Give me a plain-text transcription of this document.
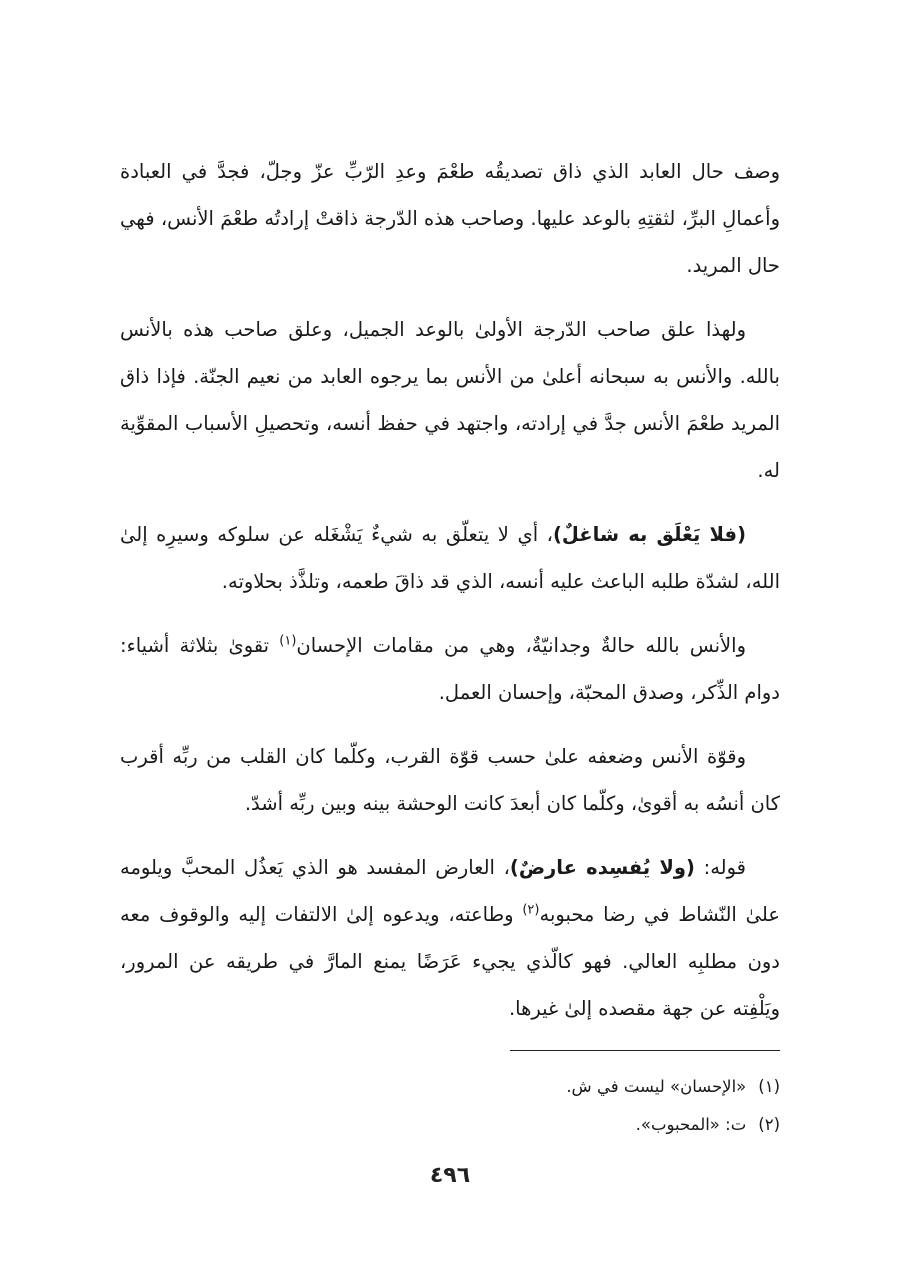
وصف حال العابد الذي ذاق تصديقُه طعْمَ وعدِ الرّبِّ عزّ وجلّ، فجدَّ في العبادة وأعمالِ البرِّ، لثقتِهِ بالوعد عليها. وصاحب هذه الدّرجة ذاقتْ إرادتُه طعْمَ الأنس، فهي حال المريد.

ولهذا علق صاحب الدّرجة الأولىٰ بالوعد الجميل، وعلق صاحب هذه بالأنس بالله. والأنس به سبحانه أعلىٰ من الأنس بما يرجوه العابد من نعيم الجنّة. فإذا ذاق المريد طعْمَ الأنس جدَّ في إرادته، واجتهد في حفظ أنسه، وتحصيلِ الأسباب المقوِّية له.

(فلا يَعْلَق به شاغلٌ)، أي لا يتعلّق به شيءٌ يَشْغَله عن سلوكه وسيرِه إلىٰ الله، لشدّة طلبه الباعث عليه أنسه، الذي قد ذاقَ طعمه، وتلذَّذ بحلاوته.

والأنس بالله حالةٌ وجدانيّةٌ، وهي من مقامات الإحسان$^{(١)}$ تقوىٰ بثلاثة أشياء: دوام الذِّكر، وصدق المحبّة، وإحسان العمل.

وقوّة الأنس وضعفه علىٰ حسب قوّة القرب، وكلّما كان القلب من ربِّه أقرب كان أنسُه به أقوىٰ، وكلّما كان أبعدَ كانت الوحشة بينه وبين ربِّه أشدّ.

قوله: (ولا يُفسِده عارضٌ)، العارض المفسد هو الذي يَعذُل المحبَّ ويلومه علىٰ النّشاط في رضا محبوبه$^{(٢)}$ وطاعته، ويدعوه إلىٰ الالتفات إليه والوقوف معه دون مطلبِه العالي. فهو كالّذي يجيء عَرَضًا يمنع المارَّ في طريقه عن المرور، ويَلْفِته عن جهة مقصده إلىٰ غيرها.

(١)«الإحسان» ليست في ش.

(٢)ت: «المحبوب».

٤٩٦
